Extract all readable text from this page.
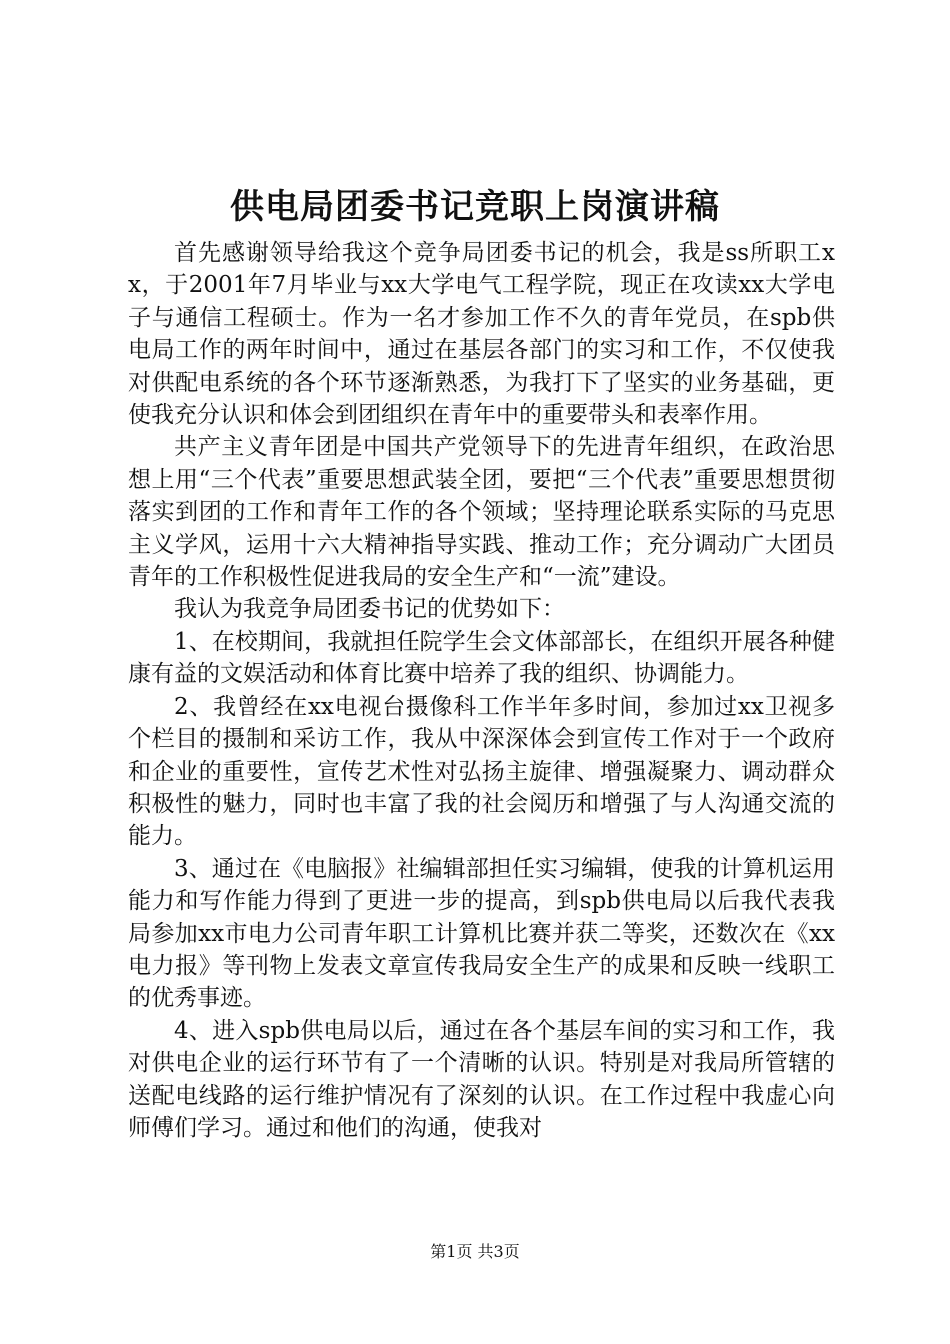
供电局团委书记竞职上岗演讲稿

首先感谢领导给我这个竞争局团委书记的机会，我是ss所职工xx，于2001年7月毕业与xx大学电气工程学院，现正在攻读xx大学电子与通信工程硕士。作为一名才参加工作不久的青年党员，在spb供电局工作的两年时间中，通过在基层各部门的实习和工作，不仅使我对供配电系统的各个环节逐渐熟悉，为我打下了坚实的业务基础，更使我充分认识和体会到团组织在青年中的重要带头和表率作用。

共产主义青年团是中国共产党领导下的先进青年组织，在政治思想上用“三个代表”重要思想武装全团，要把“三个代表”重要思想贯彻落实到团的工作和青年工作的各个领域；坚持理论联系实际的马克思主义学风，运用十六大精神指导实践、推动工作；充分调动广大团员青年的工作积极性促进我局的安全生产和“一流”建设。

我认为我竞争局团委书记的优势如下：

1、在校期间，我就担任院学生会文体部部长，在组织开展各种健康有益的文娱活动和体育比赛中培养了我的组织、协调能力。

2、我曾经在xx电视台摄像科工作半年多时间，参加过xx卫视多个栏目的摄制和采访工作，我从中深深体会到宣传工作对于一个政府和企业的重要性，宣传艺术性对弘扬主旋律、增强凝聚力、调动群众积极性的魅力，同时也丰富了我的社会阅历和增强了与人沟通交流的能力。

3、通过在《电脑报》社编辑部担任实习编辑，使我的计算机运用能力和写作能力得到了更进一步的提高，到spb供电局以后我代表我局参加xx市电力公司青年职工计算机比赛并获二等奖，还数次在《xx电力报》等刊物上发表文章宣传我局安全生产的成果和反映一线职工的优秀事迹。

4、进入spb供电局以后，通过在各个基层车间的实习和工作，我对供电企业的运行环节有了一个清晰的认识。特别是对我局所管辖的送配电线路的运行维护情况有了深刻的认识。在工作过程中我虚心向师傅们学习。通过和他们的沟通，使我对

第1页 共3页
